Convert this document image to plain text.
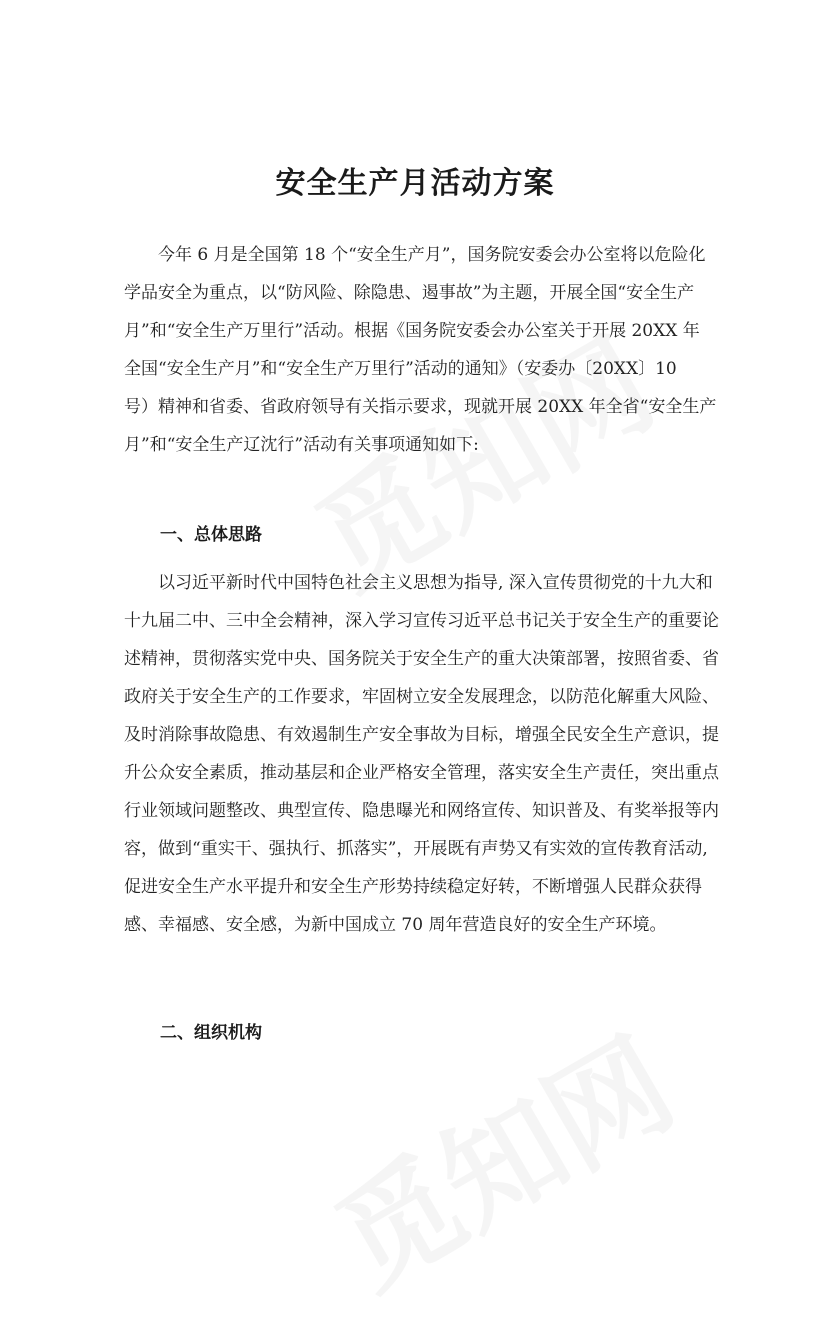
安全生产月活动方案

　　今年 6 月是全国第 18 个“安全生产月”，国务院安委会办公室将以危险化
学品安全为重点，以“防风险、除隐患、遏事故”为主题，开展全国“安全生产
月”和“安全生产万里行”活动。根据《国务院安委会办公室关于开展 20XX 年
全国“安全生产月”和“安全生产万里行”活动的通知》（安委办〔20XX〕10
号）精神和省委、省政府领导有关指示要求，现就开展 20XX 年全省“安全生产
月”和“安全生产辽沈行”活动有关事项通知如下:

一、总体思路

　　以习近平新时代中国特色社会主义思想为指导, 深入宣传贯彻党的十九大和
十九届二中、三中全会精神，深入学习宣传习近平总书记关于安全生产的重要论
述精神，贯彻落实党中央、国务院关于安全生产的重大决策部署，按照省委、省
政府关于安全生产的工作要求，牢固树立安全发展理念，以防范化解重大风险、
及时消除事故隐患、有效遏制生产安全事故为目标，增强全民安全生产意识，提
升公众安全素质，推动基层和企业严格安全管理，落实安全生产责任，突出重点
行业领域问题整改、典型宣传、隐患曝光和网络宣传、知识普及、有奖举报等内
容，做到“重实干、强执行、抓落实”，开展既有声势又有实效的宣传教育活动,
促进安全生产水平提升和安全生产形势持续稳定好转，不断增强人民群众获得
感、幸福感、安全感，为新中国成立 70 周年营造良好的安全生产环境。

二、组织机构
